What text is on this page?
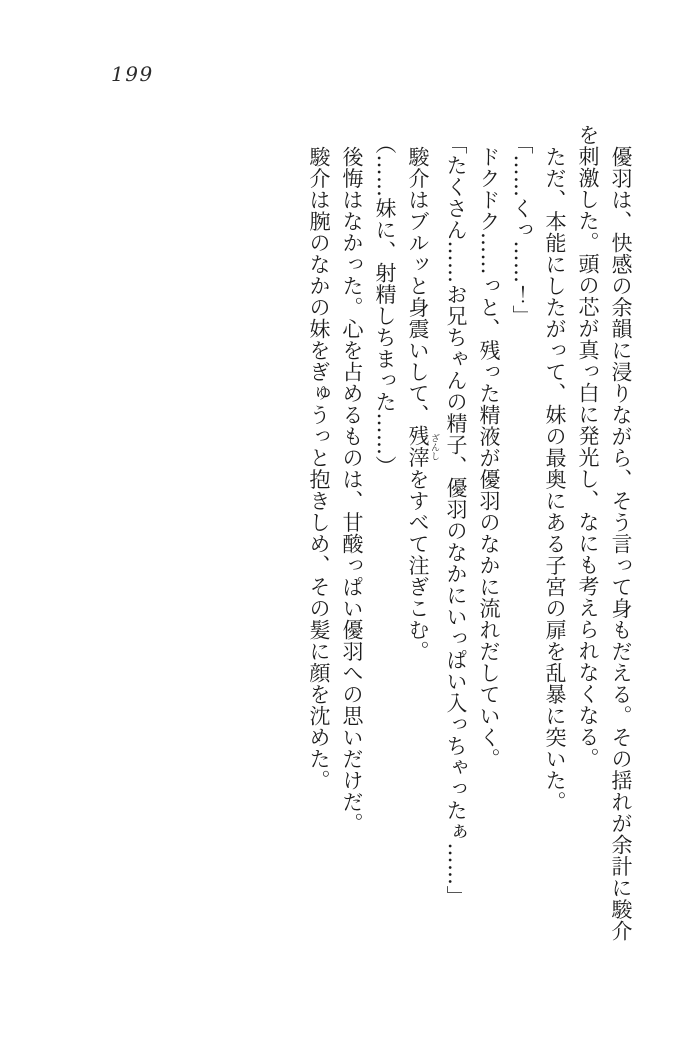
199

優羽は、快感の余韻に浸りながら、そう言って身もだえる。その揺れが余計に駿介を刺激した。頭の芯が真っ白に発光し、なにも考えられなくなる。

ただ、本能にしたがって、妹の最奥にある子宮の扉を乱暴に突いた。

「……くっ……！」

ドクドク……っと、残った精液が優羽のなかに流れだしていく。

「たくさん……お兄ちゃんの精子、優羽のなかにいっぱい入っちゃったぁ……」

駿介はブルッと身震いして、残滓 ざんしをすべて注ぎこむ。

（……妹に、射精しちまった……）

後悔はなかった。心を占めるものは、甘酸っぱい優羽への思いだけだ。

駿介は腕のなかの妹をぎゅうっと抱きしめ、その髪に顔を沈めた。
